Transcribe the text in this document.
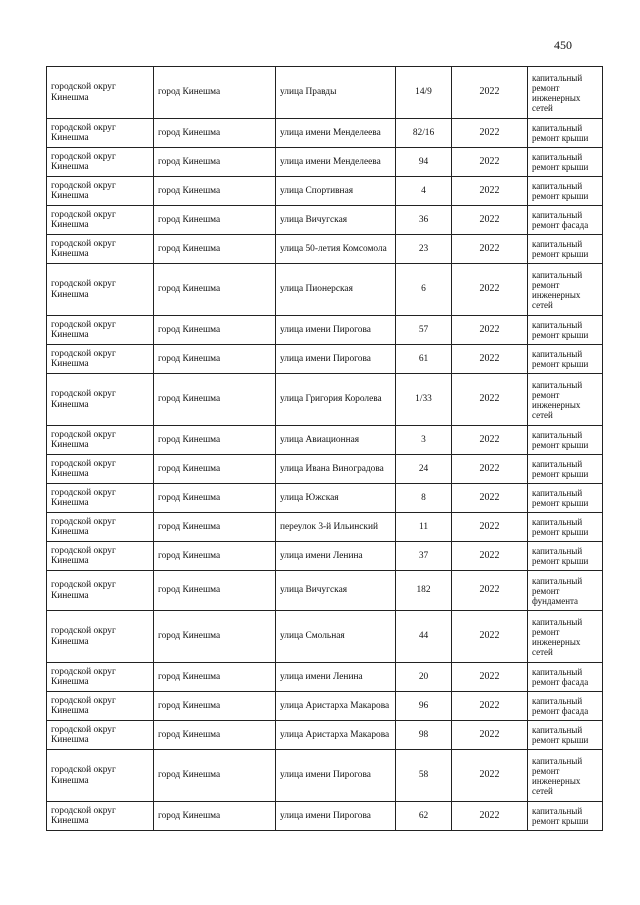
450
городской округ Кинешма	город Кинешма	улица Правды	14/9	2022	капитальный ремонт инженерных сетей
городской округ Кинешма	город Кинешма	улица имени Менделеева	82/16	2022	капитальный ремонт крыши
городской округ Кинешма	город Кинешма	улица имени Менделеева	94	2022	капитальный ремонт крыши
городской округ Кинешма	город Кинешма	улица Спортивная	4	2022	капитальный ремонт крыши
городской округ Кинешма	город Кинешма	улица Вичугская	36	2022	капитальный ремонт фасада
городской округ Кинешма	город Кинешма	улица 50-летия Комсомола	23	2022	капитальный ремонт крыши
городской округ Кинешма	город Кинешма	улица Пионерская	6	2022	капитальный ремонт инженерных сетей
городской округ Кинешма	город Кинешма	улица имени Пирогова	57	2022	капитальный ремонт крыши
городской округ Кинешма	город Кинешма	улица имени Пирогова	61	2022	капитальный ремонт крыши
городской округ Кинешма	город Кинешма	улица Григория Королева	1/33	2022	капитальный ремонт инженерных сетей
городской округ Кинешма	город Кинешма	улица Авиационная	3	2022	капитальный ремонт крыши
городской округ Кинешма	город Кинешма	улица Ивана Виноградова	24	2022	капитальный ремонт крыши
городской округ Кинешма	город Кинешма	улица Южская	8	2022	капитальный ремонт крыши
городской округ Кинешма	город Кинешма	переулок 3-й Ильинский	11	2022	капитальный ремонт крыши
городской округ Кинешма	город Кинешма	улица имени Ленина	37	2022	капитальный ремонт крыши
городской округ Кинешма	город Кинешма	улица Вичугская	182	2022	капитальный ремонт фундамента
городской округ Кинешма	город Кинешма	улица Смольная	44	2022	капитальный ремонт инженерных сетей
городской округ Кинешма	город Кинешма	улица имени Ленина	20	2022	капитальный ремонт фасада
городской округ Кинешма	город Кинешма	улица Аристарха Макарова	96	2022	капитальный ремонт фасада
городской округ Кинешма	город Кинешма	улица Аристарха Макарова	98	2022	капитальный ремонт крыши
городской округ Кинешма	город Кинешма	улица имени Пирогова	58	2022	капитальный ремонт инженерных сетей
городской округ Кинешма	город Кинешма	улица имени Пирогова	62	2022	капитальный ремонт крыши
